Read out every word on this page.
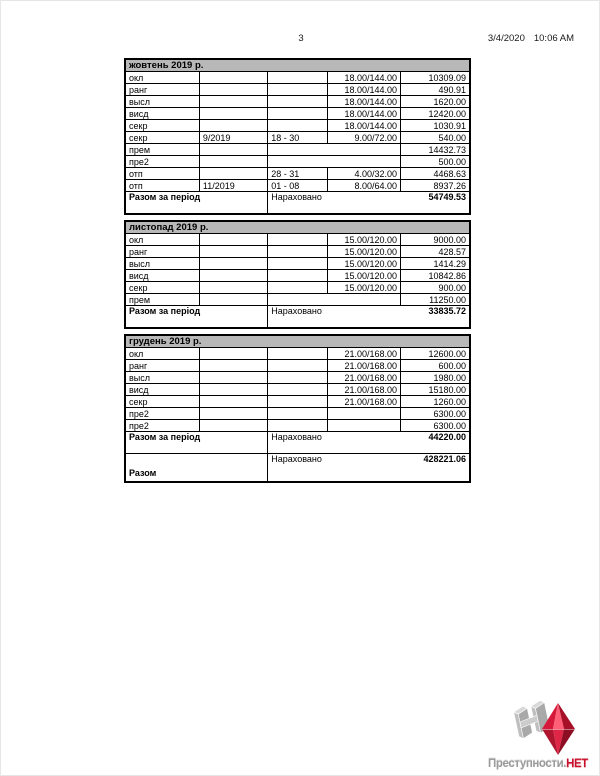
3	3/4/2020 10:06 AM
жовтень 2019 р.				
окл			18.00/144.00	10309.09
ранг			18.00/144.00	490.91
высл			18.00/144.00	1620.00
висд			18.00/144.00	12420.00
секр			18.00/144.00	1030.91
секр	9/2019	18 - 30	9.00/72.00	540.00
прем				14432.73
пре2				500.00
отп		28 - 31	4.00/32.00	4468.63
отп	11/2019	01 - 08	8.00/64.00	8937.26
Разом за період		Нараховано 54749.53		
листопад 2019 р.				
окл			15.00/120.00	9000.00
ранг			15.00/120.00	428.57
высл			15.00/120.00	1414.29
висд			15.00/120.00	10842.86
секр			15.00/120.00	900.00
прем				11250.00
Разом за період		Нараховано 33835.72		
грудень 2019 р.				
окл			21.00/168.00	12600.00
ранг			21.00/168.00	600.00
высл			21.00/168.00	1980.00
висд			21.00/168.00	15180.00
секр			21.00/168.00	1260.00
пре2				6300.00
пре2				6300.00
Разом за період		Нараховано 44220.00		

Разом		Нараховано 428221.06		
Преступности.НЕТ
